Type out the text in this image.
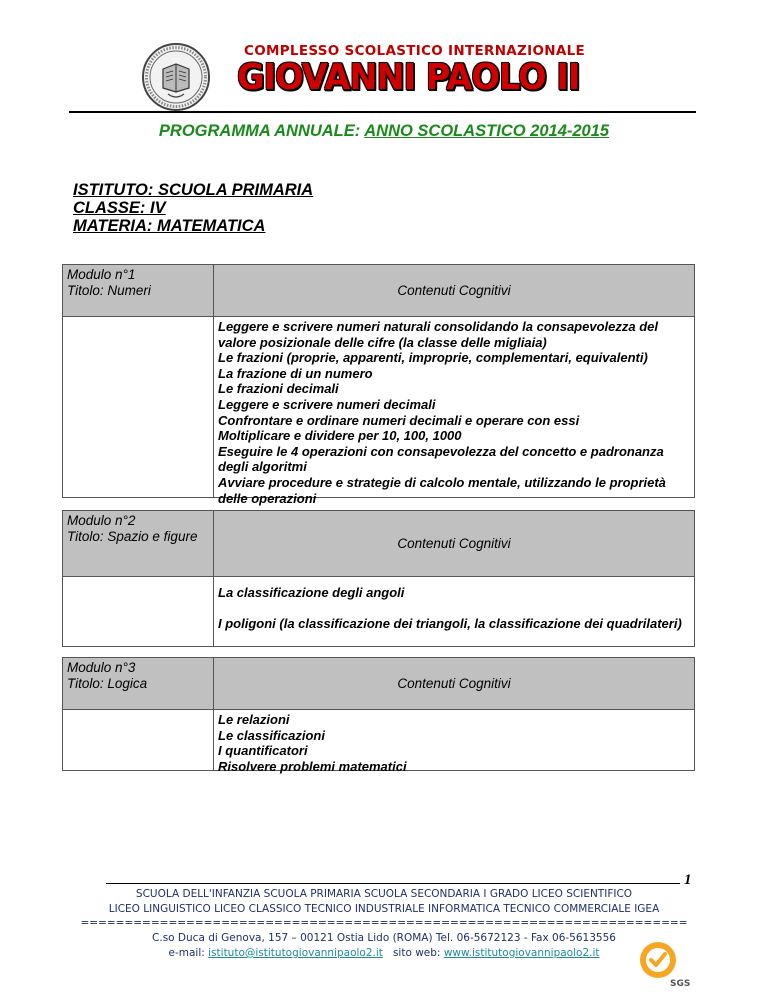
COMPLESSO SCOLASTICO INTERNAZIONALE
GIOVANNI PAOLO II
PROGRAMMA ANNUALE: ANNO SCOLASTICO 2014-2015
ISTITUTO: SCUOLA PRIMARIA
CLASSE: IV
MATERIA: MATEMATICA
Modulo n°1
Titolo: Numeri	Contenuti Cognitivi

Leggere e scrivere numeri naturali consolidando la consapevolezza del valore posizionale delle cifre (la classe delle migliaia)

Le frazioni (proprie, apparenti, improprie, complementari, equivalenti)

La frazione di un numero

Le frazioni decimali

Leggere e scrivere numeri decimali

Confrontare e ordinare numeri decimali e operare con essi

Moltiplicare e dividere per 10, 100, 1000

Eseguire le 4 operazioni con consapevolezza del concetto e padronanza degli algoritmi

Avviare procedure e strategie di calcolo mentale, utilizzando le proprietà delle operazioni

Modulo n°2
Titolo: Spazio e figure	Contenuti Cognitivi

La classificazione degli angoli

I poligoni (la classificazione dei triangoli, la classificazione dei quadrilateri)

Modulo n°3
Titolo: Logica	Contenuti Cognitivi

Le relazioni

Le classificazioni

I quantificatori

Risolvere problemi matematici

1
SCUOLA DELL'INFANZIA SCUOLA PRIMARIA SCUOLA SECONDARIA I GRADO LICEO SCIENTIFICO
LICEO LINGUISTICO LICEO CLASSICO TECNICO INDUSTRIALE INFORMATICA TECNICO COMMERCIALE IGEA
=====================================================================
C.so Duca di Genova, 157 – 00121 Ostia Lido (ROMA) Tel. 06-5672123 - Fax 06-5613556
e-mail: istituto@istitutogiovannipaolo2.it sito web: www.istitutogiovannipaolo2.it
SGS
